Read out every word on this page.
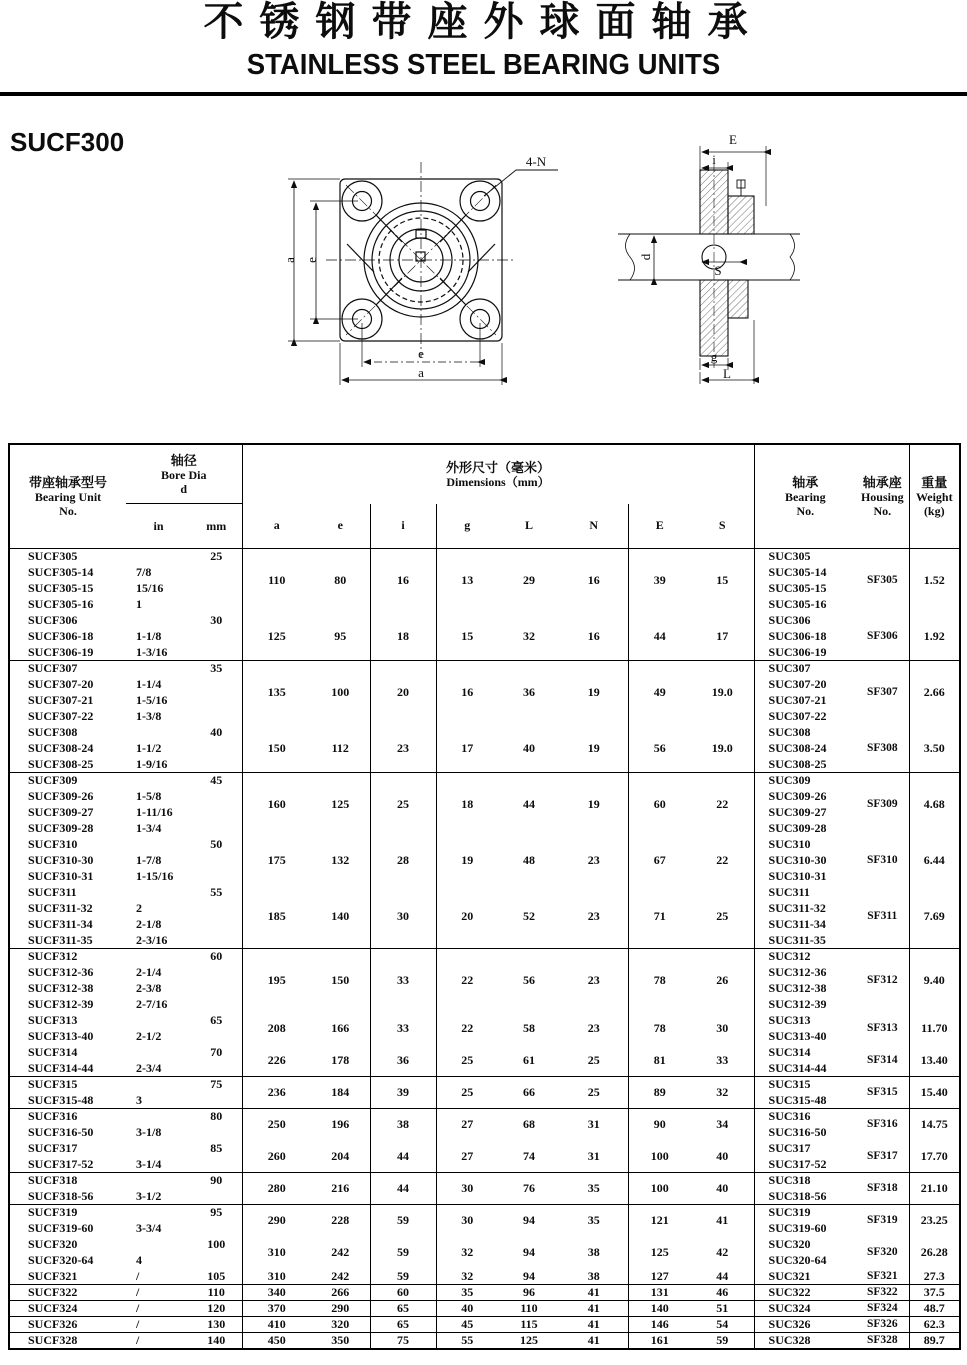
不锈钢带座外球面轴承
STAINLESS STEEL BEARING UNITS
SUCF300
a e
e
a
4-N
E
i
d
S
g
L
带座轴承型号
Bearing Unit
No.

轴径
Bore Dia
d

外形尺寸（毫米）
Dimensions（mm）	轴承
Bearing
No.

轴承座
Housing
No.

重量
Weight
(kg)

	in	mm	a	e	i	g	L	N	E	S			
SUCF305		25	110	80	16	13	29	16	39	15	SUC305	SF305	1.52
SUCF305-14	7/8										SUC305-14		
SUCF305-15	15/16										SUC305-15		
SUCF305-16	1										SUC305-16		
SUCF306		30	125	95	18	15	32	16	44	17	SUC306	SF306	1.92
SUCF306-18	1-1/8										SUC306-18		
SUCF306-19	1-3/16										SUC306-19		
SUCF307		35	135	100	20	16	36	19	49	19.0	SUC307	SF307	2.66
SUCF307-20	1-1/4										SUC307-20		
SUCF307-21	1-5/16										SUC307-21		
SUCF307-22	1-3/8										SUC307-22		
SUCF308		40	150	112	23	17	40	19	56	19.0	SUC308	SF308	3.50
SUCF308-24	1-1/2										SUC308-24		
SUCF308-25	1-9/16										SUC308-25		
SUCF309		45	160	125	25	18	44	19	60	22	SUC309	SF309	4.68
SUCF309-26	1-5/8										SUC309-26		
SUCF309-27	1-11/16										SUC309-27		
SUCF309-28	1-3/4										SUC309-28		
SUCF310		50	175	132	28	19	48	23	67	22	SUC310	SF310	6.44
SUCF310-30	1-7/8										SUC310-30		
SUCF310-31	1-15/16										SUC310-31		
SUCF311		55	185	140	30	20	52	23	71	25	SUC311	SF311	7.69
SUCF311-32	2										SUC311-32		
SUCF311-34	2-1/8										SUC311-34		
SUCF311-35	2-3/16										SUC311-35		
SUCF312		60	195	150	33	22	56	23	78	26	SUC312	SF312	9.40
SUCF312-36	2-1/4										SUC312-36		
SUCF312-38	2-3/8										SUC312-38		
SUCF312-39	2-7/16										SUC312-39		
SUCF313		65	208	166	33	22	58	23	78	30	SUC313	SF313	11.70
SUCF313-40	2-1/2										SUC313-40		
SUCF314		70	226	178	36	25	61	25	81	33	SUC314	SF314	13.40
SUCF314-44	2-3/4										SUC314-44		
SUCF315		75	236	184	39	25	66	25	89	32	SUC315	SF315	15.40
SUCF315-48	3										SUC315-48		
SUCF316		80	250	196	38	27	68	31	90	34	SUC316	SF316	14.75
SUCF316-50	3-1/8										SUC316-50		
SUCF317		85	260	204	44	27	74	31	100	40	SUC317	SF317	17.70
SUCF317-52	3-1/4										SUC317-52		
SUCF318		90	280	216	44	30	76	35	100	40	SUC318	SF318	21.10
SUCF318-56	3-1/2										SUC318-56		
SUCF319		95	290	228	59	30	94	35	121	41	SUC319	SF319	23.25
SUCF319-60	3-3/4										SUC319-60		
SUCF320		100	310	242	59	32	94	38	125	42	SUC320	SF320	26.28
SUCF320-64	4										SUC320-64		
SUCF321	/	105	310	242	59	32	94	38	127	44	SUC321	SF321	27.3
SUCF322	/	110	340	266	60	35	96	41	131	46	SUC322	SF322	37.5
SUCF324	/	120	370	290	65	40	110	41	140	51	SUC324	SF324	48.7
SUCF326	/	130	410	320	65	45	115	41	146	54	SUC326	SF326	62.3
SUCF328	/	140	450	350	75	55	125	41	161	59	SUC328	SF328	89.7
